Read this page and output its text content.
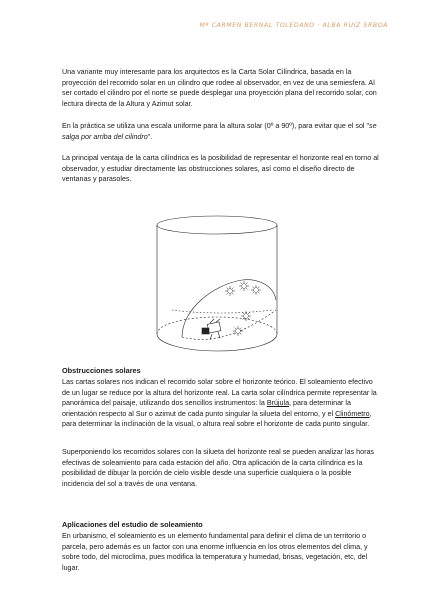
Mª CARMEN BERNAL TOLEDANO · ALBA RUIZ SRBOA

Una variante muy interesante para los arquitectos es la Carta Solar Cilíndrica, basada en la proyección del recorrido solar en un cilindro que rodee al observador, en vez de una semiesfera. Al ser cortado el cilindro por el norte se puede desplegar una proyección plana del recorrido solar, con lectura directa de la Altura y Azimut solar.

En la práctica se utiliza una escala uniforme para la altura solar (0º a 90º), para evitar que el sol "se salga por arriba del cilindro".

La principal ventaja de la carta cilíndrica es la posibilidad de representar el horizonte real en torno al observador, y estudiar directamente las obstrucciones solares, así como el diseño directo de ventanas y parasoles.

Obstrucciones solares

Las cartas solares nos indican el recorrido solar sobre el horizonte teórico. El soleamiento efectivo de un lugar se reduce por la altura del horizonte real. La carta solar cilíndrica permite representar la panorámica del paisaje, utilizando dos sencillos instrumentos: la Brújula, para determinar la orientación respecto al Sur o azimut de cada punto singular la silueta del entorno, y el Clinómetro, para determinar la inclinación de la visual, o altura real sobre el horizonte de cada punto singular.

Superponiendo los recorridos solares con la silueta del horizonte real se pueden analizar las horas efectivas de soleamiento para cada estación del año. Otra aplicación de la carta cilíndrica es la posibilidad de dibujar la porción de cielo visible desde una superficie cualquiera o la posible incidencia del sol a través de una ventana.

Aplicaciones del estudio de soleamiento

En urbanismo, el soleamiento es un elemento fundamental para definir el clima de un territorio o parcela, pero además es un factor con una enorme influencia en los otros elementos del clima, y sobre todo, del microclima, pues modifica la temperatura y humedad, brisas, vegetación, etc, del lugar.
